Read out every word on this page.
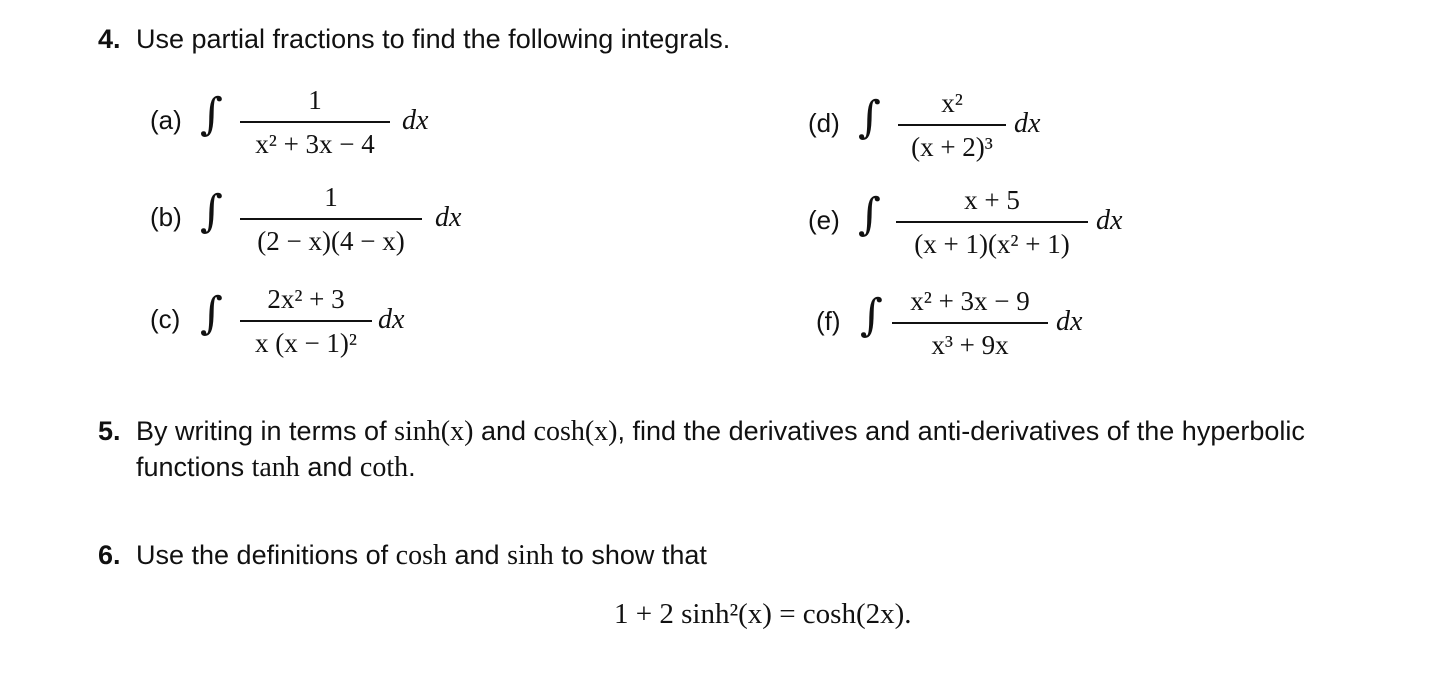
4. Use partial fractions to find the following integrals.
(a) ∫	1
x² + 3x − 4
dx
(b) ∫	1
(2 − x)(4 − x)
dx
(c) ∫	2x² + 3
x (x − 1)²
dx
(d) ∫	x²
(x + 2)³
dx
(e) ∫	x + 5
(x + 1)(x² + 1)
dx
(f) ∫	x² + 3x − 9
x³ + 9x
dx
5. By writing in terms of sinh(x) and cosh(x), find the derivatives and anti-derivatives of the hyperbolic
functions tanh and coth.
6. Use the definitions of cosh and sinh to show that
1 + 2 sinh²(x) = cosh(2x).
